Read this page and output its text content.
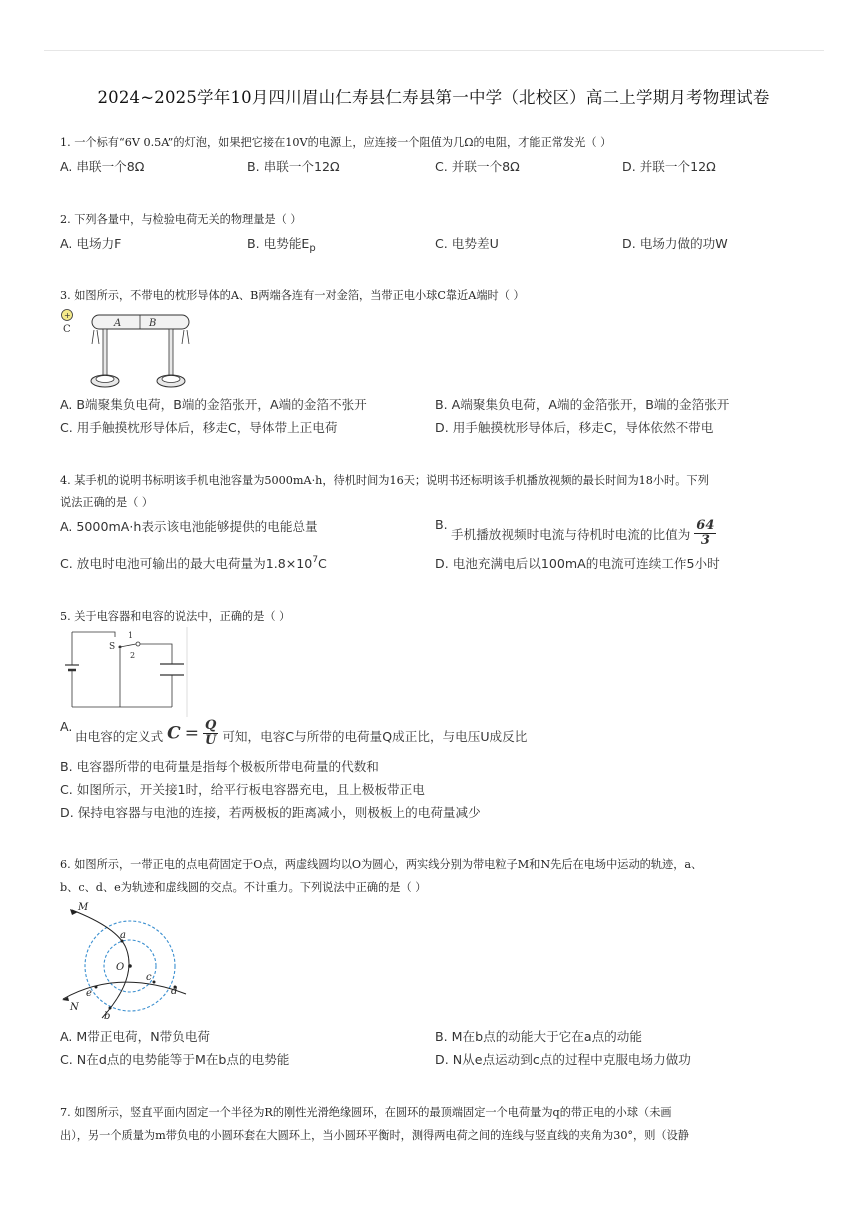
2024~2025学年10月四川眉山仁寿县仁寿县第一中学（北校区）高二上学期月考物理试卷
1. 一个标有“6V 0.5A”的灯泡，如果把它接在10V的电源上，应连接一个阻值为几Ω的电阻，才能正常发光（ ）
A. 串联一个8Ω	B. 串联一个12Ω	C. 并联一个8Ω	D. 并联一个12Ω
2. 下列各量中，与检验电荷无关的物理量是（ ）
A. 电场力F	B. 电势能$E_p$	C. 电势差U	D. 电场力做的功W
3. 如图所示，不带电的枕形导体的A、B两端各连有一对金箔，当带正电小球C靠近A端时（ ）
+
C
A	B
A. B端聚集负电荷，B端的金箔张开，A端的金箔不张开	B. A端聚集负电荷，A端的金箔张开，B端的金箔张开
C. 用手触摸枕形导体后，移走C，导体带上正电荷	D. 用手触摸枕形导体后，移走C，导体依然不带电
4. 某手机的说明书标明该手机电池容量为5000mA·h，待机时间为16天；说明书还标明该手机播放视频的最长时间为18小时。下列
说法正确的是（ ）
A. 5000mA·h表示该电池能够提供的电能总量	B.
手机播放视频时电流与待机时电流的比值为 $\frac{64}{3}$
C. 放电时电池可输出的最大电荷量为$1.8\times 10^7C$	D. 电池充满电后以100mA的电流可连续工作5小时
5. 关于电容器和电容的说法中，正确的是（ ）
S
1
2
A.
由电容的定义式 $C = \frac{Q}{U}$ 可知，电容C与所带的电荷量Q成正比，与电压U成反比
B. 电容器所带的电荷量是指每个极板所带电荷量的代数和
C. 如图所示，开关接1时，给平行板电容器充电，且上极板带正电
D. 保持电容器与电池的连接，若两极板的距离减小，则极板上的电荷量减少
6. 如图所示，一带正电的点电荷固定于O点，两虚线圆均以O为圆心，两实线分别为带电粒子M和N先后在电场中运动的轨迹，a、
b、c、d、e为轨迹和虚线圆的交点。不计重力。下列说法中正确的是（ ）
M
N
a
O
c
d
e
b
A. M带正电荷，N带负电荷	B. M在b点的动能大于它在a点的动能
C. N在d点的电势能等于M在b点的电势能	D. N从e点运动到c点的过程中克服电场力做功
7. 如图所示，竖直平面内固定一个半径为R的刚性光滑绝缘圆环，在圆环的最顶端固定一个电荷量为q的带正电的小球（未画
出），另一个质量为m带负电的小圆环套在大圆环上，当小圆环平衡时，测得两电荷之间的连线与竖直线的夹角为30°，则（设静
